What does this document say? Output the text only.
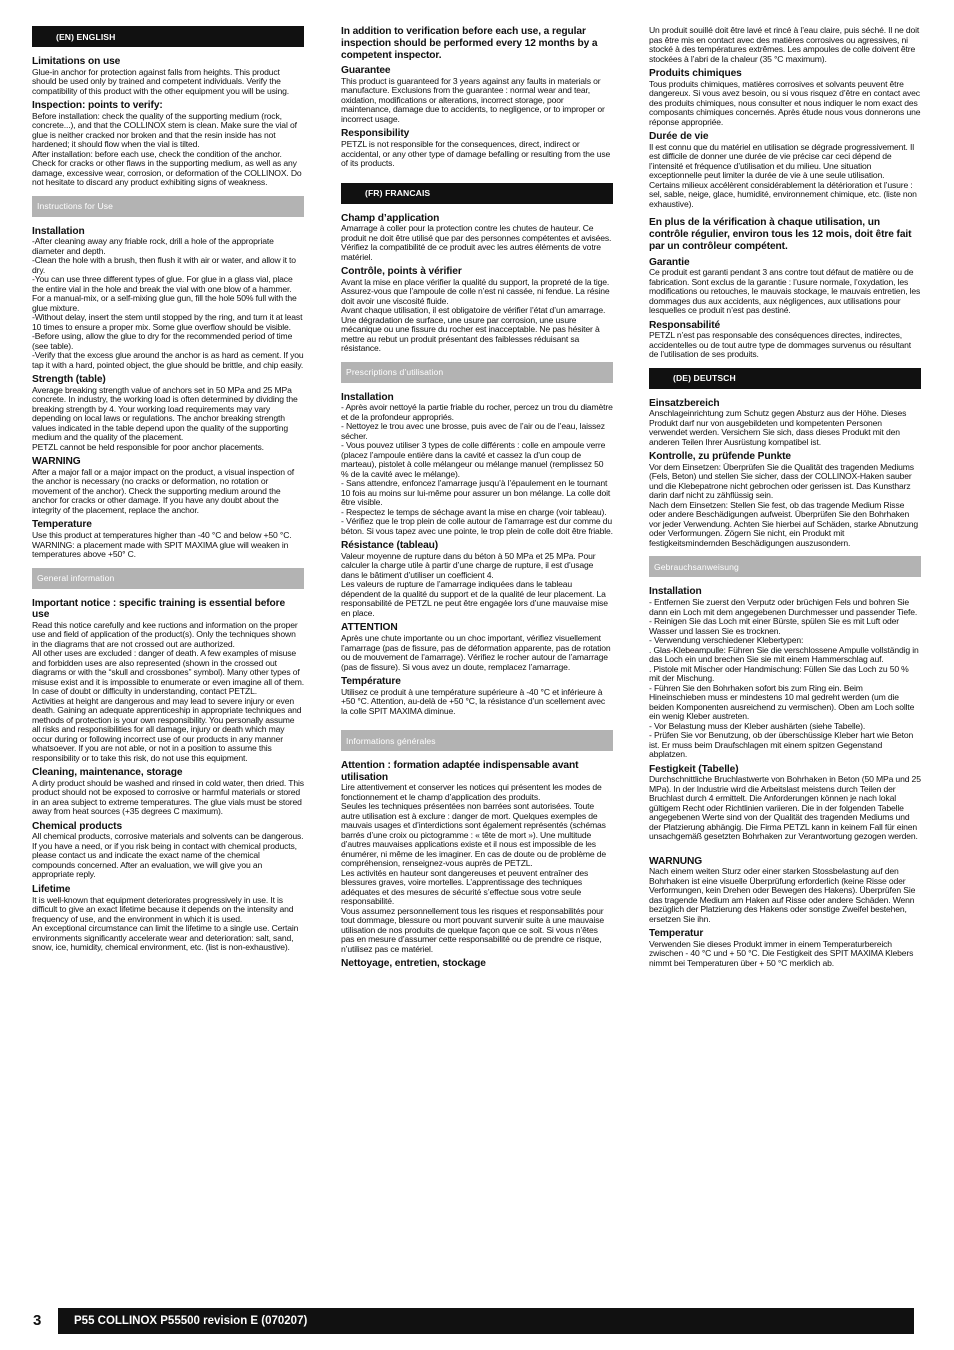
(EN) ENGLISH
Limitations on use

Glue-in anchor for protection against falls from heights. This product should be used only by trained and competent individuals. Verify the compatibility of this product with the other equipment you will be using.

Inspection: points to verify:

Before installation: check the quality of the supporting medium (rock, concrete...), and that the COLLINOX stem is clean. Make sure the vial of glue is neither cracked nor broken and that the resin inside has not hardened; it should flow when the vial is tilted.

After installation: before each use, check the condition of the anchor. Check for cracks or other flaws in the supporting medium, as well as any damage, excessive wear, corrosion, or deformation of the COLLINOX. Do not hesitate to discard any product exhibiting signs of weakness.

Instructions for Use
Installation

-After cleaning away any friable rock, drill a hole of the appropriate diameter and depth.

-Clean the hole with a brush, then flush it with air or water, and allow it to dry.

-You can use three different types of glue. For glue in a glass vial, place the entire vial in the hole and break the vial with one blow of a hammer. For a manual-mix, or a self-mixing glue gun, fill the hole 50% full with the glue mixture.

-Without delay, insert the stem until stopped by the ring, and turn it at least 10 times to ensure a proper mix. Some glue overflow should be visible.

-Before using, allow the glue to dry for the recommended period of time (see table).

-Verify that the excess glue around the anchor is as hard as cement. If you tap it with a hard, pointed object, the glue should be brittle, and chip easily.

Strength (table)

Average breaking strength value of anchors set in 50 MPa and 25 MPa concrete. In industry, the working load is often determined by dividing the breaking strength by 4. Your working load requirements may vary depending on local laws or regulations. The anchor breaking strength values indicated in the table depend upon the quality of the supporting medium and the quality of the placement.

PETZL cannot be held responsible for poor anchor placements.

WARNING

After a major fall or a major impact on the product, a visual inspection of the anchor is necessary (no cracks or deformation, no rotation or movement of the anchor). Check the supporting medium around the anchor for cracks or other damage. If you have any doubt about the integrity of the placement, replace the anchor.

Temperature

Use this product at temperatures higher than -40 °C and below +50 °C. WARNING: a placement made with SPIT MAXIMA glue will weaken in temperatures above +50° C.

General information
Important notice : specific training is essential before use

Read this notice carefully and kee ructions and information on the proper use and field of application of the product(s). Only the techniques shown in the diagrams that are not crossed out are authorized.

All other uses are excluded : danger of death. A few examples of misuse and forbidden uses are also represented (shown in the crossed out diagrams or with the “skull and crossbones” symbol). Many other types of misuse exist and it is impossible to enumerate or even imagine all of them. In case of doubt or difficulty in understanding, contact PETZL.

Activities at height are dangerous and may lead to severe injury or even death. Gaining an adequate apprenticeship in appropriate techniques and methods of protection is your own responsibility. You personally assume all risks and responsibilities for all damage, injury or death which may occur during or following incorrect use of our products in any manner whatsoever. If you are not able, or not in a position to assume this responsibility or to take this risk, do not use this equipment.

Cleaning, maintenance, storage

A dirty product should be washed and rinsed in cold water, then dried. This product should not be exposed to corrosive or harmful materials or stored in an area subject to extreme temperatures. The glue vials must be stored away from heat sources (+35 degrees C maximum).

Chemical products

All chemical products, corrosive materials and solvents can be dangerous. If you have a need, or if you risk being in contact with chemical products, please contact us and indicate the exact name of the chemical compounds concerned. After an evaluation, we will give you an appropriate reply.

Lifetime

It is well-known that equipment deteriorates progressively in use. It is difficult to give an exact lifetime because it depends on the intensity and frequency of use, and the environment in which it is used.

An exceptional circumstance can limit the lifetime to a single use. Certain environments significantly accelerate wear and deterioration: salt, sand, snow, ice, humidity, chemical environment, etc. (list is non-exhaustive).

In addition to verification before each use, a regular inspection should be performed every 12 months by a competent inspector.

Guarantee

This product is guaranteed for 3 years against any faults in materials or manufacture. Exclusions from the guarantee : normal wear and tear, oxidation, modifications or alterations, incorrect storage, poor maintenance, damage due to accidents, to negligence, or to improper or incorrect usage.

Responsibility

PETZL is not responsible for the consequences, direct, indirect or accidental, or any other type of damage befalling or resulting from the use of its products.

(FR) FRANCAIS
Champ d’application

Amarrage à coller pour la protection contre les chutes de hauteur. Ce produit ne doit être utilisé que par des personnes compétentes et avisées.

Vérifiez la compatibilité de ce produit avec les autres éléments de votre matériel.

Contrôle, points à vérifier

Avant la mise en place vérifier la qualité du support, la propreté de la tige. Assurez-vous que l’ampoule de colle n’est ni cassée, ni fendue. La résine doit avoir une viscosité fluide.

Avant chaque utilisation, il est obligatoire de vérifier l’état d’un amarrage. Une dégradation de surface, une usure par corrosion, une usure mécanique ou une fissure du rocher est inacceptable. Ne pas hésiter à mettre au rebut un produit présentant des faiblesses réduisant sa résistance.

Prescriptions d’utilisation
Installation

- Après avoir nettoyé la partie friable du rocher, percez un trou du diamètre et de la profondeur appropriés.

- Nettoyez le trou avec une brosse, puis avec de l’air ou de l’eau, laissez sécher.

- Vous pouvez utiliser 3 types de colle différents : colle en ampoule verre (placez l’ampoule entière dans la cavité et cassez la d’un coup de marteau), pistolet à colle mélangeur ou mélange manuel (remplissez 50 % de la cavité avec le mélange).

- Sans attendre, enfoncez l’amarrage jusqu’à l’épaulement en le tournant 10 fois au moins sur lui-même pour assurer un bon mélange. La colle doit être visible.

- Respectez le temps de séchage avant la mise en charge (voir tableau).

- Vérifiez que le trop plein de colle autour de l’amarrage est dur comme du béton. Si vous tapez avec une pointe, le trop plein de colle doit être friable.

Résistance (tableau)

Valeur moyenne de rupture dans du béton à 50 MPa et 25 MPa. Pour calculer la charge utile à partir d’une charge de rupture, il est d’usage dans le bâtiment d’utiliser un coefficient 4.

Les valeurs de rupture de l’amarrage indiquées dans le tableau dépendent de la qualité du support et de la qualité de leur placement. La responsabilité de PETZL ne peut être engagée lors d’une mauvaise mise en place.

ATTENTION

Après une chute importante ou un choc important, vérifiez visuellement l’amarrage (pas de fissure, pas de déformation apparente, pas de rotation ou de mouvement de l’amarrage). Vérifiez le rocher autour de l’amarrage (pas de fissure). Si vous avez un doute, remplacez l’amarrage.

Température

Utilisez ce produit à une température supérieure à -40 °C et inférieure à +50 °C. Attention, au-delà de +50 °C, la résistance d’un scellement avec la colle SPIT MAXIMA diminue.

Informations générales
Attention : formation adaptée indispensable avant utilisation

Lire attentivement et conserver les notices qui présentent les modes de fonctionnement et le champ d’application des produits.

Seules les techniques présentées non barrées sont autorisées. Toute autre utilisation est à exclure : danger de mort. Quelques exemples de mauvais usages et d’interdictions sont également représentés (schémas barrés d’une croix ou pictogramme : « tête de mort »). Une multitude d’autres mauvaises applications existe et il nous est impossible de les énumérer, ni même de les imaginer. En cas de doute ou de problème de compréhension, renseignez-vous auprès de PETZL.

Les activités en hauteur sont dangereuses et peuvent entraîner des blessures graves, voire mortelles. L’apprentissage des techniques adéquates et des mesures de sécurité s’effectue sous votre seule responsabilité.

Vous assumez personnellement tous les risques et responsabilités pour tout dommage, blessure ou mort pouvant survenir suite à une mauvaise utilisation de nos produits de quelque façon que ce soit. Si vous n’êtes pas en mesure d’assumer cette responsabilité ou de prendre ce risque, n’utilisez pas ce matériel.

Nettoyage, entretien, stockage

Un produit souillé doit être lavé et rincé à l’eau claire, puis séché. Il ne doit pas être mis en contact avec des matières corrosives ou agressives, ni stocké à des températures extrêmes. Les ampoules de colle doivent être stockées à l’abri de la chaleur (35 °C maximum).

Produits chimiques

Tous produits chimiques, matières corrosives et solvants peuvent être dangereux. Si vous avez besoin, ou si vous risquez d’être en contact avec des produits chimiques, nous consulter et nous indiquer le nom exact des composants chimiques concernés. Après étude nous vous donnerons une réponse appropriée.

Durée de vie

Il est connu que du matériel en utilisation se dégrade progressivement. Il est difficile de donner une durée de vie précise car ceci dépend de l’intensité et fréquence d’utilisation et du milieu. Une situation exceptionnelle peut limiter la durée de vie à une seule utilisation.

Certains milieux accélèrent considérablement la détérioration et l’usure : sel, sable, neige, glace, humidité, environnement chimique, etc. (liste non exhaustive).

En plus de la vérification à chaque utilisation, un contrôle régulier, environ tous les 12 mois, doit être fait par un contrôleur compétent.

Garantie

Ce produit est garanti pendant 3 ans contre tout défaut de matière ou de fabrication. Sont exclus de la garantie : l’usure normale, l’oxydation, les modifications ou retouches, le mauvais stockage, le mauvais entretien, les dommages dus aux accidents, aux négligences, aux utilisations pour lesquelles ce produit n’est pas destiné.

Responsabilité

PETZL n’est pas responsable des conséquences directes, indirectes, accidentelles ou de tout autre type de dommages survenus ou résultant de l’utilisation de ses produits.

(DE) DEUTSCH
Einsatzbereich

Anschlageinrichtung zum Schutz gegen Absturz aus der Höhe. Dieses Produkt darf nur von ausgebildeten und kompetenten Personen verwendet werden. Versichern Sie sich, dass dieses Produkt mit den anderen Teilen Ihrer Ausrüstung kompatibel ist.

Kontrolle, zu prüfende Punkte

Vor dem Einsetzen: Überprüfen Sie die Qualität des tragenden Mediums (Fels, Beton) und stellen Sie sicher, dass der COLLINOX-Haken sauber und die Klebepatrone nicht gebrochen oder gerissen ist. Das Kunstharz darin darf nicht zu zähflüssig sein.

Nach dem Einsetzen: Stellen Sie fest, ob das tragende Medium Risse oder andere Beschädigungen aufweist. Überprüfen Sie den Bohrhaken vor jeder Verwendung. Achten Sie hierbei auf Schäden, starke Abnutzung oder Verformungen. Zögern Sie nicht, ein Produkt mit festigkeitsmindernden Beschädigungen auszusondern.

Gebrauchsanweisung
Installation

- Entfernen Sie zuerst den Verputz oder brüchigen Fels und bohren Sie dann ein Loch mit dem angegebenen Durchmesser und passender Tiefe.

- Reinigen Sie das Loch mit einer Bürste, spülen Sie es mit Luft oder Wasser und lassen Sie es trocknen.

- Verwendung verschiedener Klebertypen:

. Glas-Klebeampulle: Führen Sie die verschlossene Ampulle vollständig in das Loch ein und brechen Sie sie mit einem Hammerschlag auf.

. Pistole mit Mischer oder Handmischung: Füllen Sie das Loch zu 50 % mit der Mischung.

- Führen Sie den Bohrhaken sofort bis zum Ring ein. Beim Hineinschieben muss er mindestens 10 mal gedreht werden (um die beiden Komponenten ausreichend zu vermischen). Oben am Loch sollte ein wenig Kleber austreten.

- Vor Belastung muss der Kleber aushärten (siehe Tabelle).

- Prüfen Sie vor Benutzung, ob der überschüssige Kleber hart wie Beton ist. Er muss beim Draufschlagen mit einem spitzen Gegenstand abplatzen.

Festigkeit (Tabelle)

Durchschnittliche Bruchlastwerte von Bohrhaken in Beton (50 MPa und 25 MPa). In der Industrie wird die Arbeitslast meistens durch Teilen der Bruchlast durch 4 ermittelt. Die Anforderungen können je nach lokal gültigem Recht oder Richtlinien variieren. Die in der folgenden Tabelle angegebenen Werte sind von der Qualität des tragenden Mediums und der Platzierung abhängig. Die Firma PETZL kann in keinem Fall für einen unsachgemäß gesetzten Bohrhaken zur Verantwortung gezogen werden.

WARNUNG

Nach einem weiten Sturz oder einer starken Stossbelastung auf den Bohrhaken ist eine visuelle Überprüfung erforderlich (keine Risse oder Verformungen, kein Drehen oder Bewegen des Hakens). Überprüfen Sie das tragende Medium am Haken auf Risse oder andere Schäden. Wenn bezüglich der Platzierung des Hakens oder sonstige Zweifel bestehen, ersetzen Sie ihn.

Temperatur

Verwenden Sie dieses Produkt immer in einem Temperaturbereich zwischen - 40 °C und + 50 °C. Die Festigkeit des SPIT MAXIMA Klebers nimmt bei Temperaturen über + 50 °C merklich ab.

3	P55 COLLINOX P55500 revision E (070207)
